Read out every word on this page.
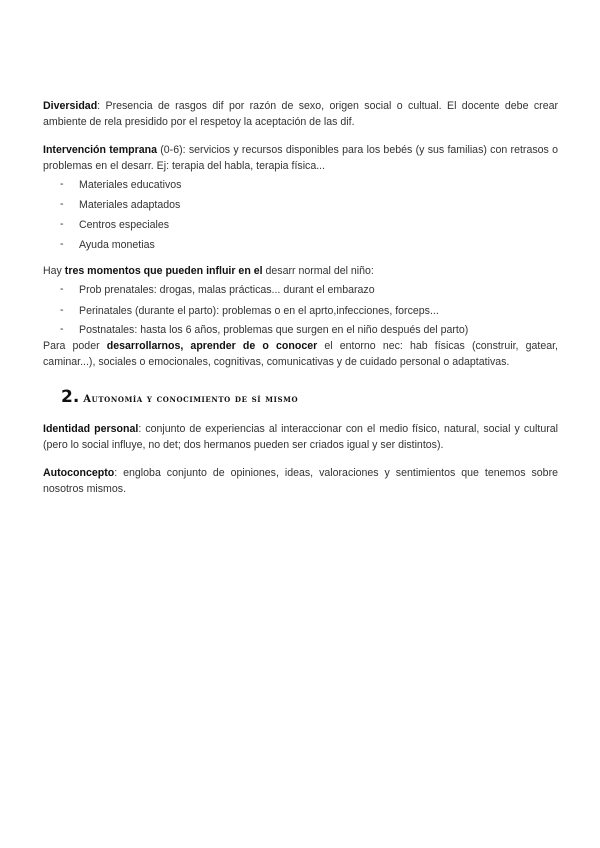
Diversidad: Presencia de rasgos dif por razón de sexo, origen social o cultual. El docente debe crear ambiente de rela presidido por el respetoy la aceptación de las dif.

Intervención temprana (0-6): servicios y recursos disponibles para los bebés (y sus familias) con retrasos o problemas en el desarr. Ej: terapia del habla, terapia física...

- Materiales educativos
- Materiales adaptados
- Centros especiales
- Ayuda monetias

Hay tres momentos que pueden influir en el desarr normal del niño:

- Prob prenatales: drogas, malas prácticas... durant el embarazo
- Perinatales (durante el parto): problemas o en el aprto,infecciones, forceps...
- Postnatales: hasta los 6 años, problemas que surgen en el niño después del parto)

Para poder desarrollarnos, aprender de o conocer el entorno nec: hab físicas (construir, gatear, caminar...), sociales o emocionales, cognitivas, comunicativas y de cuidado personal o adaptativas.

2. Autonomía y conocimiento de sí mismo

Identidad personal: conjunto de experiencias al interaccionar con el medio físico, natural, social y cultural (pero lo social influye, no det; dos hermanos pueden ser criados igual y ser distintos).

Autoconcepto: engloba conjunto de opiniones, ideas, valoraciones y sentimientos que tenemos sobre nosotros mismos.
